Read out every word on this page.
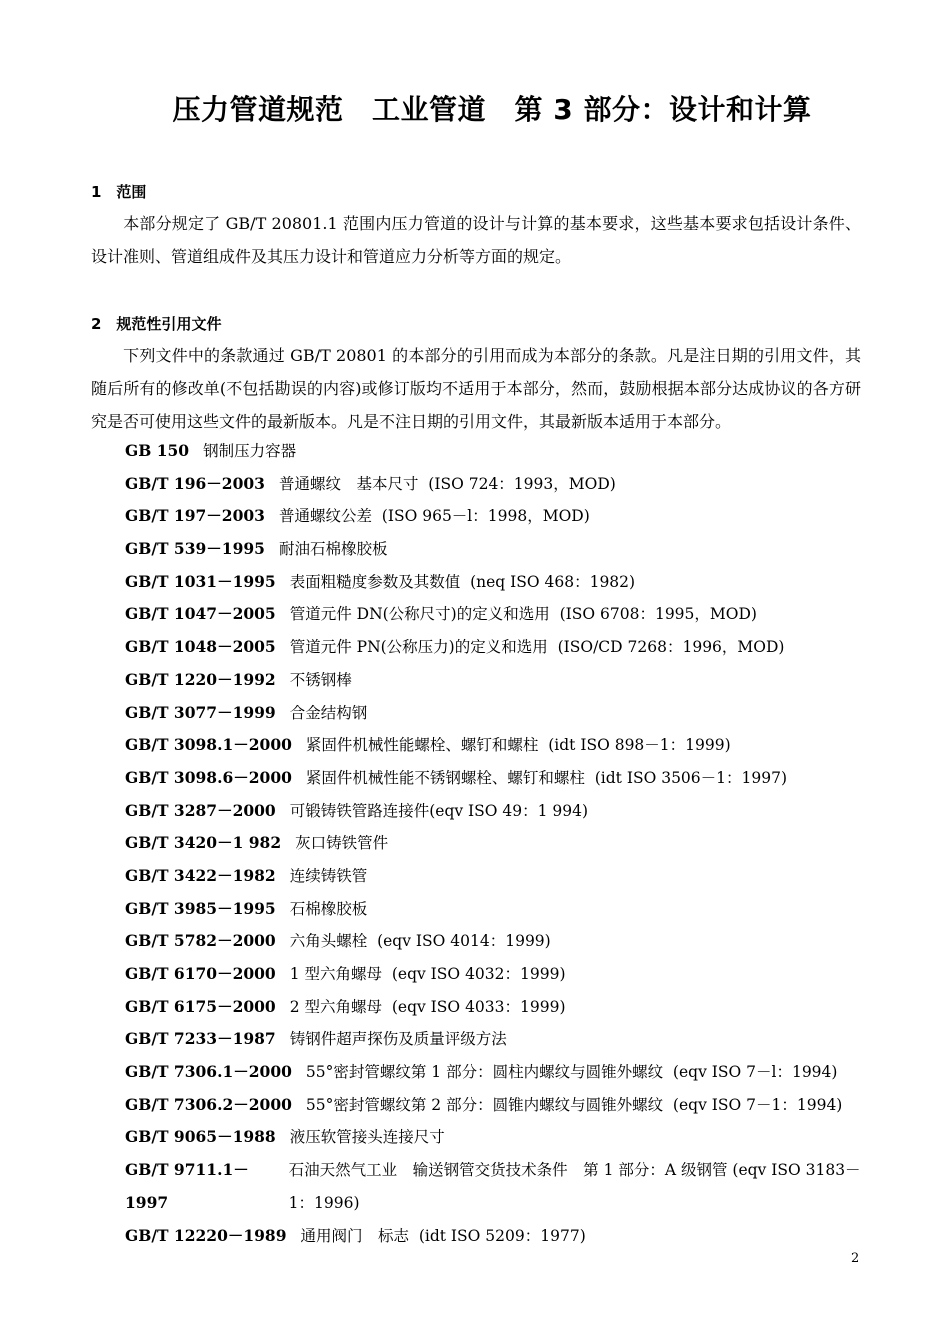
压力管道规范　工业管道　第 3 部分：设计和计算
1　范围
本部分规定了 GB/T 20801.1 范围内压力管道的设计与计算的基本要求，这些基本要求包括设计条件、设计准则、管道组成件及其压力设计和管道应力分析等方面的规定。
2　规范性引用文件
下列文件中的条款通过 GB/T 20801 的本部分的引用而成为本部分的条款。凡是注日期的引用文件，其随后所有的修改单(不包括勘误的内容)或修订版均不适用于本部分，然而，鼓励根据本部分达成协议的各方研究是否可使用这些文件的最新版本。凡是不注日期的引用文件，其最新版本适用于本部分。
GB 150 钢制压力容器
GB/T 196－2003 普通螺纹　基本尺寸  (ISO 724：1993，MOD)
GB/T 197－2003 普通螺纹公差  (ISO 965－l：1998，MOD)
GB/T 539－1995 耐油石棉橡胶板
GB/T 1031－1995 表面粗糙度参数及其数值  (neq ISO 468：1982)
GB/T 1047－2005 管道元件 DN(公称尺寸)的定义和选用  (ISO 6708：1995，MOD)
GB/T 1048－2005 管道元件 PN(公称压力)的定义和选用  (ISO/CD 7268：1996，MOD)
GB/T 1220－1992 不锈钢棒
GB/T 3077－1999 合金结构钢
GB/T 3098.1－2000 紧固件机械性能螺栓、螺钉和螺柱  (idt ISO 898－1：1999)
GB/T 3098.6－2000 紧固件机械性能不锈钢螺栓、螺钉和螺柱  (idt ISO 3506－1：1997)
GB/T 3287－2000 可锻铸铁管路连接件(eqv ISO 49：1 994)
GB/T 3420－1 982 灰口铸铁管件
GB/T 3422－1982 连续铸铁管
GB/T 3985－1995 石棉橡胶板
GB/T 5782－2000 六角头螺栓  (eqv ISO 4014：1999)
GB/T 6170－2000 1 型六角螺母  (eqv ISO 4032：1999)
GB/T 6175－2000 2 型六角螺母  (eqv ISO 4033：1999)
GB/T 7233－1987 铸钢件超声探伤及质量评级方法
GB/T 7306.1－2000 55°密封管螺纹第 1 部分：圆柱内螺纹与圆锥外螺纹  (eqv ISO 7－l：1994)
GB/T 7306.2－2000 55°密封管螺纹第 2 部分：圆锥内螺纹与圆锥外螺纹  (eqv ISO 7－1：1994)
GB/T 9065－1988 液压软管接头连接尺寸
GB/T 9711.1－1997
石油天然气工业　输送钢管交货技术条件　第 1 部分：A 级钢管 (eqv ISO 3183－1：1996)
GB/T 12220－1989 通用阀门　标志  (idt ISO 5209：1977)
2
